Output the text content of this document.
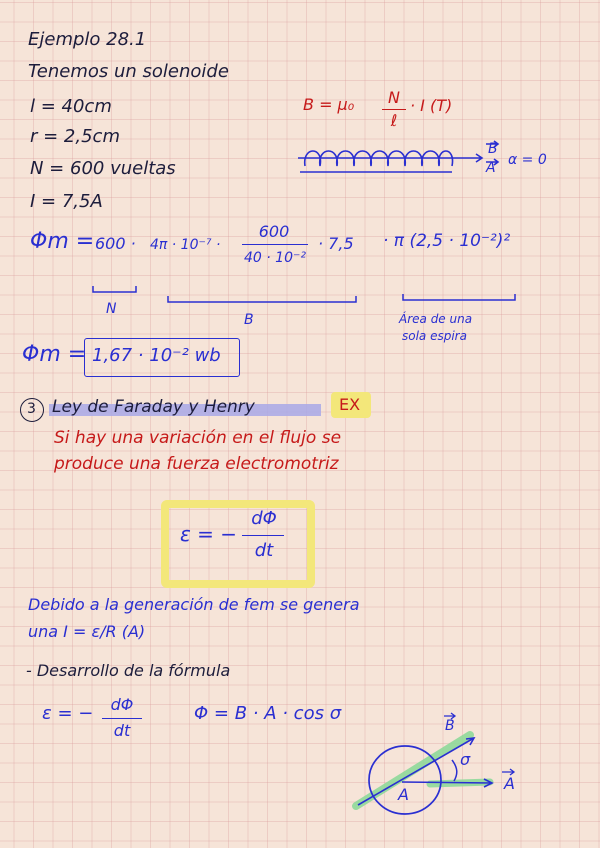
Ejemplo 28.1
Tenemos un solenoide
l = 40cm
r = 2,5cm
N = 600 vueltas
I = 7,5A
B = μ₀	N
ℓ
· I (T)
B
A α = 0
Φm = 600 · 4π · 10⁻⁷ ·
600
40 · 10⁻²
· 7,5 · π (2,5 · 10⁻²)²
N
B	Área de una
sola espira
Φm = 1,67 · 10⁻² wb
3 Ley de Faraday y Henry	EX
Si hay una variación en el flujo se
produce una fuerza electromotriz
ε = −
dΦ
dt
Debido a la generación de fem se genera
una I = ε/R (A)
- Desarrollo de la fórmula
ε = −	dΦ
dt
Φ = B · A · cos σ
B
σ
A
A
